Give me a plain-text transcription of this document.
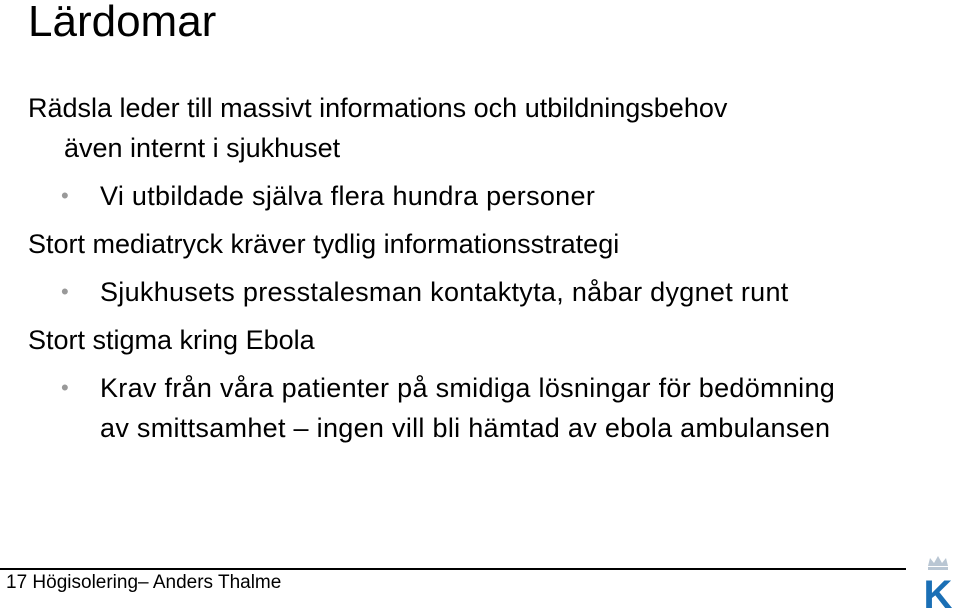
Lärdomar
Rädsla leder till massivt informations och utbildningsbehov
även internt i sjukhuset
• Vi utbildade själva flera hundra personer
Stort mediatryck kräver tydlig informationsstrategi
• Sjukhusets presstalesman kontaktyta, nåbar dygnet runt
Stort stigma kring Ebola
• Krav från våra patienter på smidiga lösningar för bedömning av smittsamhet – ingen vill bli hämtad av ebola ambulansen
17 Högisolering– Anders Thalme	K
